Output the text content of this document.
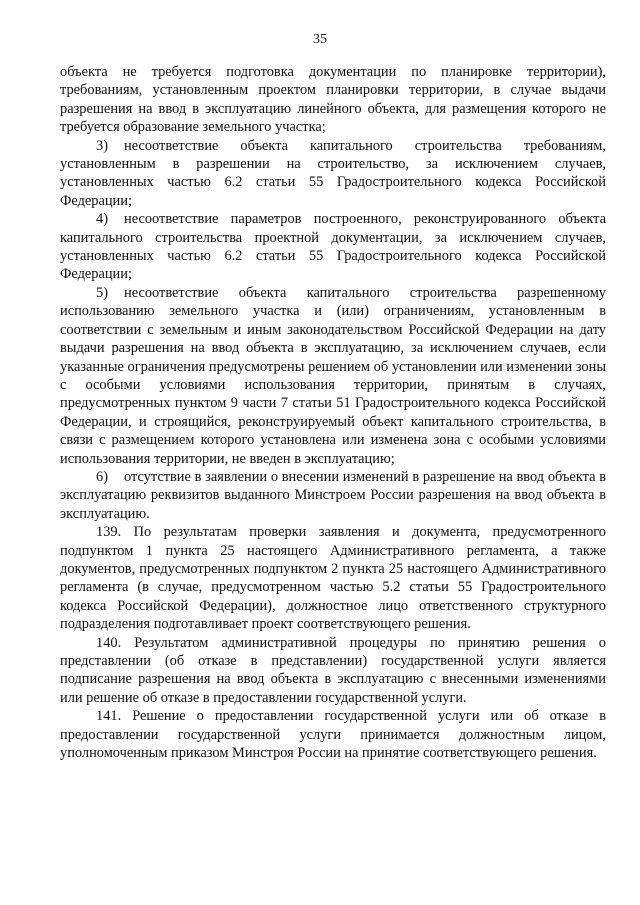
35

объекта не требуется подготовка документации по планировке территории), требованиям, установленным проектом планировки территории, в случае выдачи разрешения на ввод в эксплуатацию линейного объекта, для размещения которого не требуется образование земельного участка;

3) несоответствие объекта капитального строительства требованиям, установленным в разрешении на строительство, за исключением случаев, установленных частью 6.2 статьи 55 Градостроительного кодекса Российской Федерации;

4) несоответствие параметров построенного, реконструированного объекта капитального строительства проектной документации, за исключением случаев, установленных частью 6.2 статьи 55 Градостроительного кодекса Российской Федерации;

5) несоответствие объекта капитального строительства разрешенному использованию земельного участка и (или) ограничениям, установленным в соответствии с земельным и иным законодательством Российской Федерации на дату выдачи разрешения на ввод объекта в эксплуатацию, за исключением случаев, если указанные ограничения предусмотрены решением об установлении или изменении зоны с особыми условиями использования территории, принятым в случаях, предусмотренных пунктом 9 части 7 статьи 51 Градостроительного кодекса Российской Федерации, и строящийся, реконструируемый объект капитального строительства, в связи с размещением которого установлена или изменена зона с особыми условиями использования территории, не введен в эксплуатацию;

6) отсутствие в заявлении о внесении изменений в разрешение на ввод объекта в эксплуатацию реквизитов выданного Минстроем России разрешения на ввод объекта в эксплуатацию.

139. По результатам проверки заявления и документа, предусмотренного подпунктом 1 пункта 25 настоящего Административного регламента, а также документов, предусмотренных подпунктом 2 пункта 25 настоящего Административного регламента (в случае, предусмотренном частью 5.2 статьи 55 Градостроительного кодекса Российской Федерации), должностное лицо ответственного структурного подразделения подготавливает проект соответствующего решения.

140. Результатом административной процедуры по принятию решения о представлении (об отказе в представлении) государственной услуги является подписание разрешения на ввод объекта в эксплуатацию с внесенными изменениями или решение об отказе в предоставлении государственной услуги.

141. Решение о предоставлении государственной услуги или об отказе в предоставлении государственной услуги принимается должностным лицом, уполномоченным приказом Минстроя России на принятие соответствующего решения.
